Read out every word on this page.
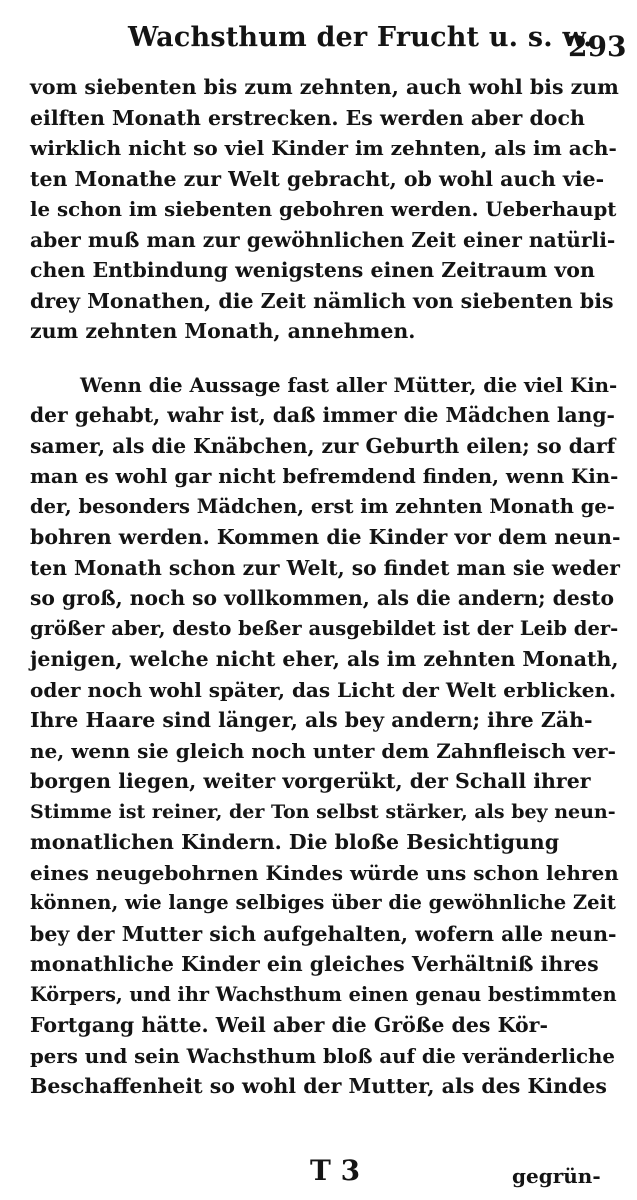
Wachsthum der Frucht u. s. w.
293
vom siebenten bis zum zehnten, auch wohl bis zum
eilften Monath erstrecken. Es werden aber doch
wirklich nicht so viel Kinder im zehnten, als im ach-
ten Monathe zur Welt gebracht, ob wohl auch vie-
le schon im siebenten gebohren werden. Ueberhaupt
aber muß man zur gewöhnlichen Zeit einer natürli-
chen Entbindung wenigstens einen Zeitraum von
drey Monathen, die Zeit nämlich von siebenten bis
zum zehnten Monath, annehmen.
Wenn die Aussage fast aller Mütter, die viel Kin-
der gehabt, wahr ist, daß immer die Mädchen lang-
samer, als die Knäbchen, zur Geburth eilen; so darf
man es wohl gar nicht befremdend finden, wenn Kin-
der, besonders Mädchen, erst im zehnten Monath ge-
bohren werden. Kommen die Kinder vor dem neun-
ten Monath schon zur Welt, so findet man sie weder
so groß, noch so vollkommen, als die andern; desto
größer aber, desto beßer ausgebildet ist der Leib der-
jenigen, welche nicht eher, als im zehnten Monath,
oder noch wohl später, das Licht der Welt erblicken.
Ihre Haare sind länger, als bey andern; ihre Zäh-
ne, wenn sie gleich noch unter dem Zahnfleisch ver-
borgen liegen, weiter vorgerükt, der Schall ihrer
Stimme ist reiner, der Ton selbst stärker, als bey neun-
monatlichen Kindern. Die bloße Besichtigung
eines neugebohrnen Kindes würde uns schon lehren
können, wie lange selbiges über die gewöhnliche Zeit
bey der Mutter sich aufgehalten, wofern alle neun-
monathliche Kinder ein gleiches Verhältniß ihres
Körpers, und ihr Wachsthum einen genau bestimmten
Fortgang hätte. Weil aber die Größe des Kör-
pers und sein Wachsthum bloß auf die veränderliche
Beschaffenheit so wohl der Mutter, als des Kindes
T 3	gegrün-
